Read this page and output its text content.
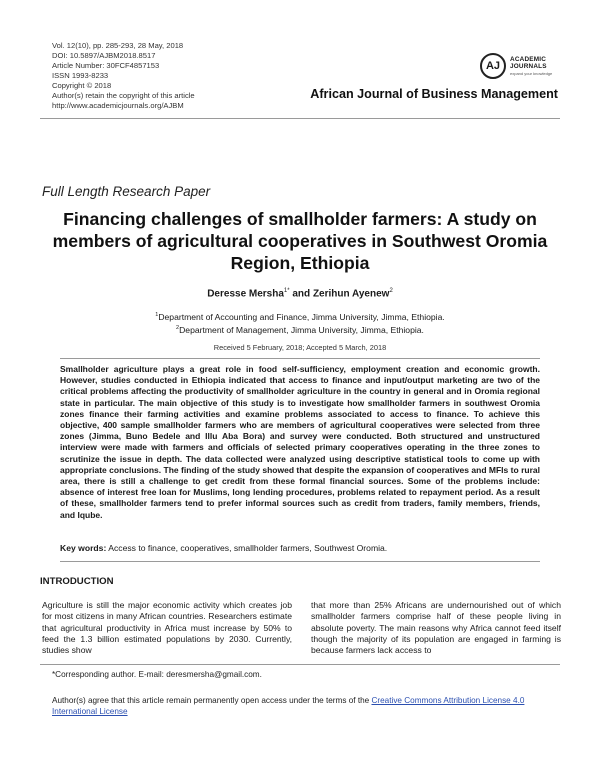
Vol. 12(10), pp. 285-293, 28 May, 2018
DOI: 10.5897/AJBM2018.8517
Article Number: 30FCF4857153
ISSN 1993-8233
Copyright © 2018
Author(s) retain the copyright of this article
http://www.academicjournals.org/AJBM
AJ
ACADEMIC
JOURNALS
expand your knowledge
African Journal of Business Management
Full Length Research Paper
Financing challenges of smallholder farmers: A study on members of agricultural cooperatives in Southwest Oromia Region, Ethiopia
Deresse Mersha$^{1*}$ and Zerihun Ayenew$^2$
$^1$Department of Accounting and Finance, Jimma University, Jimma, Ethiopia.
$^2$Department of Management, Jimma University, Jimma, Ethiopia.
Received 5 February, 2018; Accepted 5 March, 2018
Smallholder agriculture plays a great role in food self-sufficiency, employment creation and economic growth. However, studies conducted in Ethiopia indicated that access to finance and input/output marketing are two of the critical problems affecting the productivity of smallholder agriculture in the country in general and in Oromia regional state in particular. The main objective of this study is to investigate how smallholder farmers in southwest Oromia zones finance their farming activities and examine problems associated to access to finance. To achieve this objective, 400 sample smallholder farmers who are members of agricultural cooperatives were selected from three zones (Jimma, Buno Bedele and Illu Aba Bora) and survey were conducted. Both structured and unstructured interview were made with farmers and officials of selected primary cooperatives operating in the three zones to scrutinize the issue in depth. The data collected were analyzed using descriptive statistical tools to come up with appropriate conclusions. The finding of the study showed that despite the expansion of cooperatives and MFIs to rural area, there is still a challenge to get credit from these formal financial sources. Some of the problems include: absence of interest free loan for Muslims, long lending procedures, problems related to repayment period. As a result of these, smallholder farmers tend to prefer informal sources such as credit from traders, family members, friends, and Iqube.
Key words: Access to finance, cooperatives, smallholder farmers, Southwest Oromia.
INTRODUCTION
Agriculture is still the major economic activity which creates job for most citizens in many African countries. Researchers estimate that agricultural productivity in Africa must increase by 50% to feed the 1.3 billion estimated populations by 2030. Currently, studies show
that more than 25% Africans are undernourished out of which smallholder farmers comprise half of these people living in absolute poverty. The main reasons why Africa cannot feed itself though the majority of its population are engaged in farming is because farmers lack access to
*Corresponding author. E-mail: deresmersha@gmail.com.
Author(s) agree that this article remain permanently open access under the terms of the Creative Commons Attribution License 4.0 International License
